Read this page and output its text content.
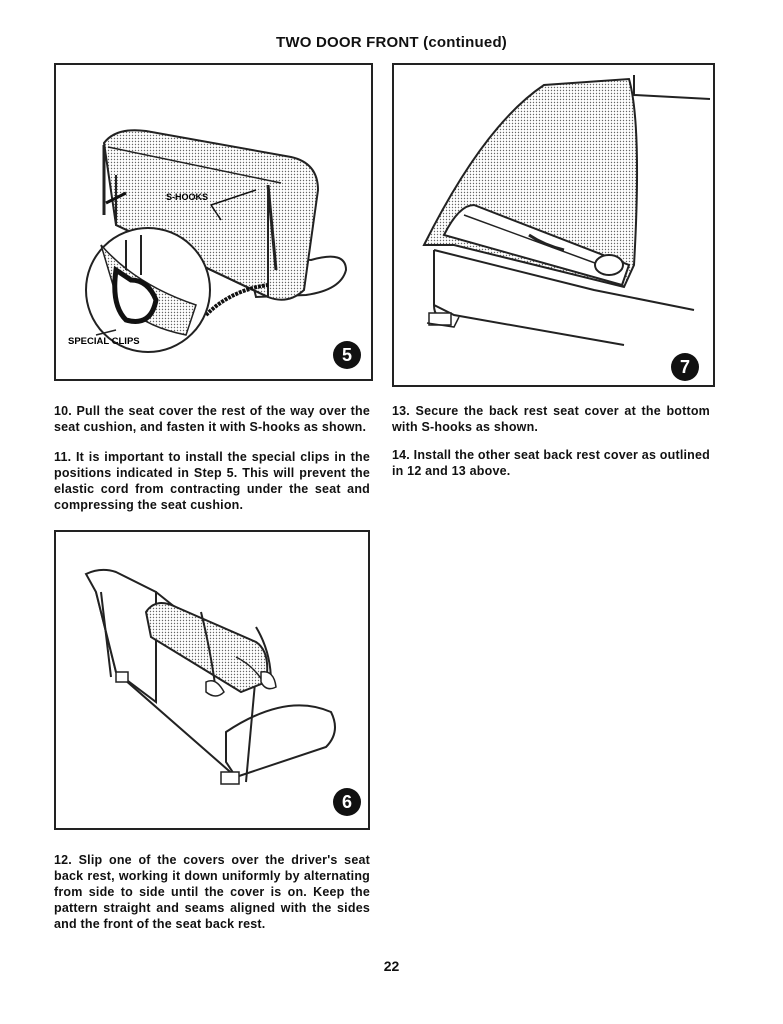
TWO DOOR FRONT (continued)
S-HOOKS
SPECIAL CLIPS
5
7
10. Pull the seat cover the rest of the way over the seat cushion, and fasten it with S-hooks as shown.
11. It is important to install the special clips in the positions indicated in Step 5. This will prevent the elastic cord from contracting under the seat and compressing the seat cushion.
13. Secure the back rest seat cover at the bottom with S-hooks as shown.
14. Install the other seat back rest cover as outlined in 12 and 13 above.
6
12. Slip one of the covers over the driver's seat back rest, working it down uniformly by alternating from side to side until the cover is on. Keep the pattern straight and seams aligned with the sides and the front of the seat back rest.
22
